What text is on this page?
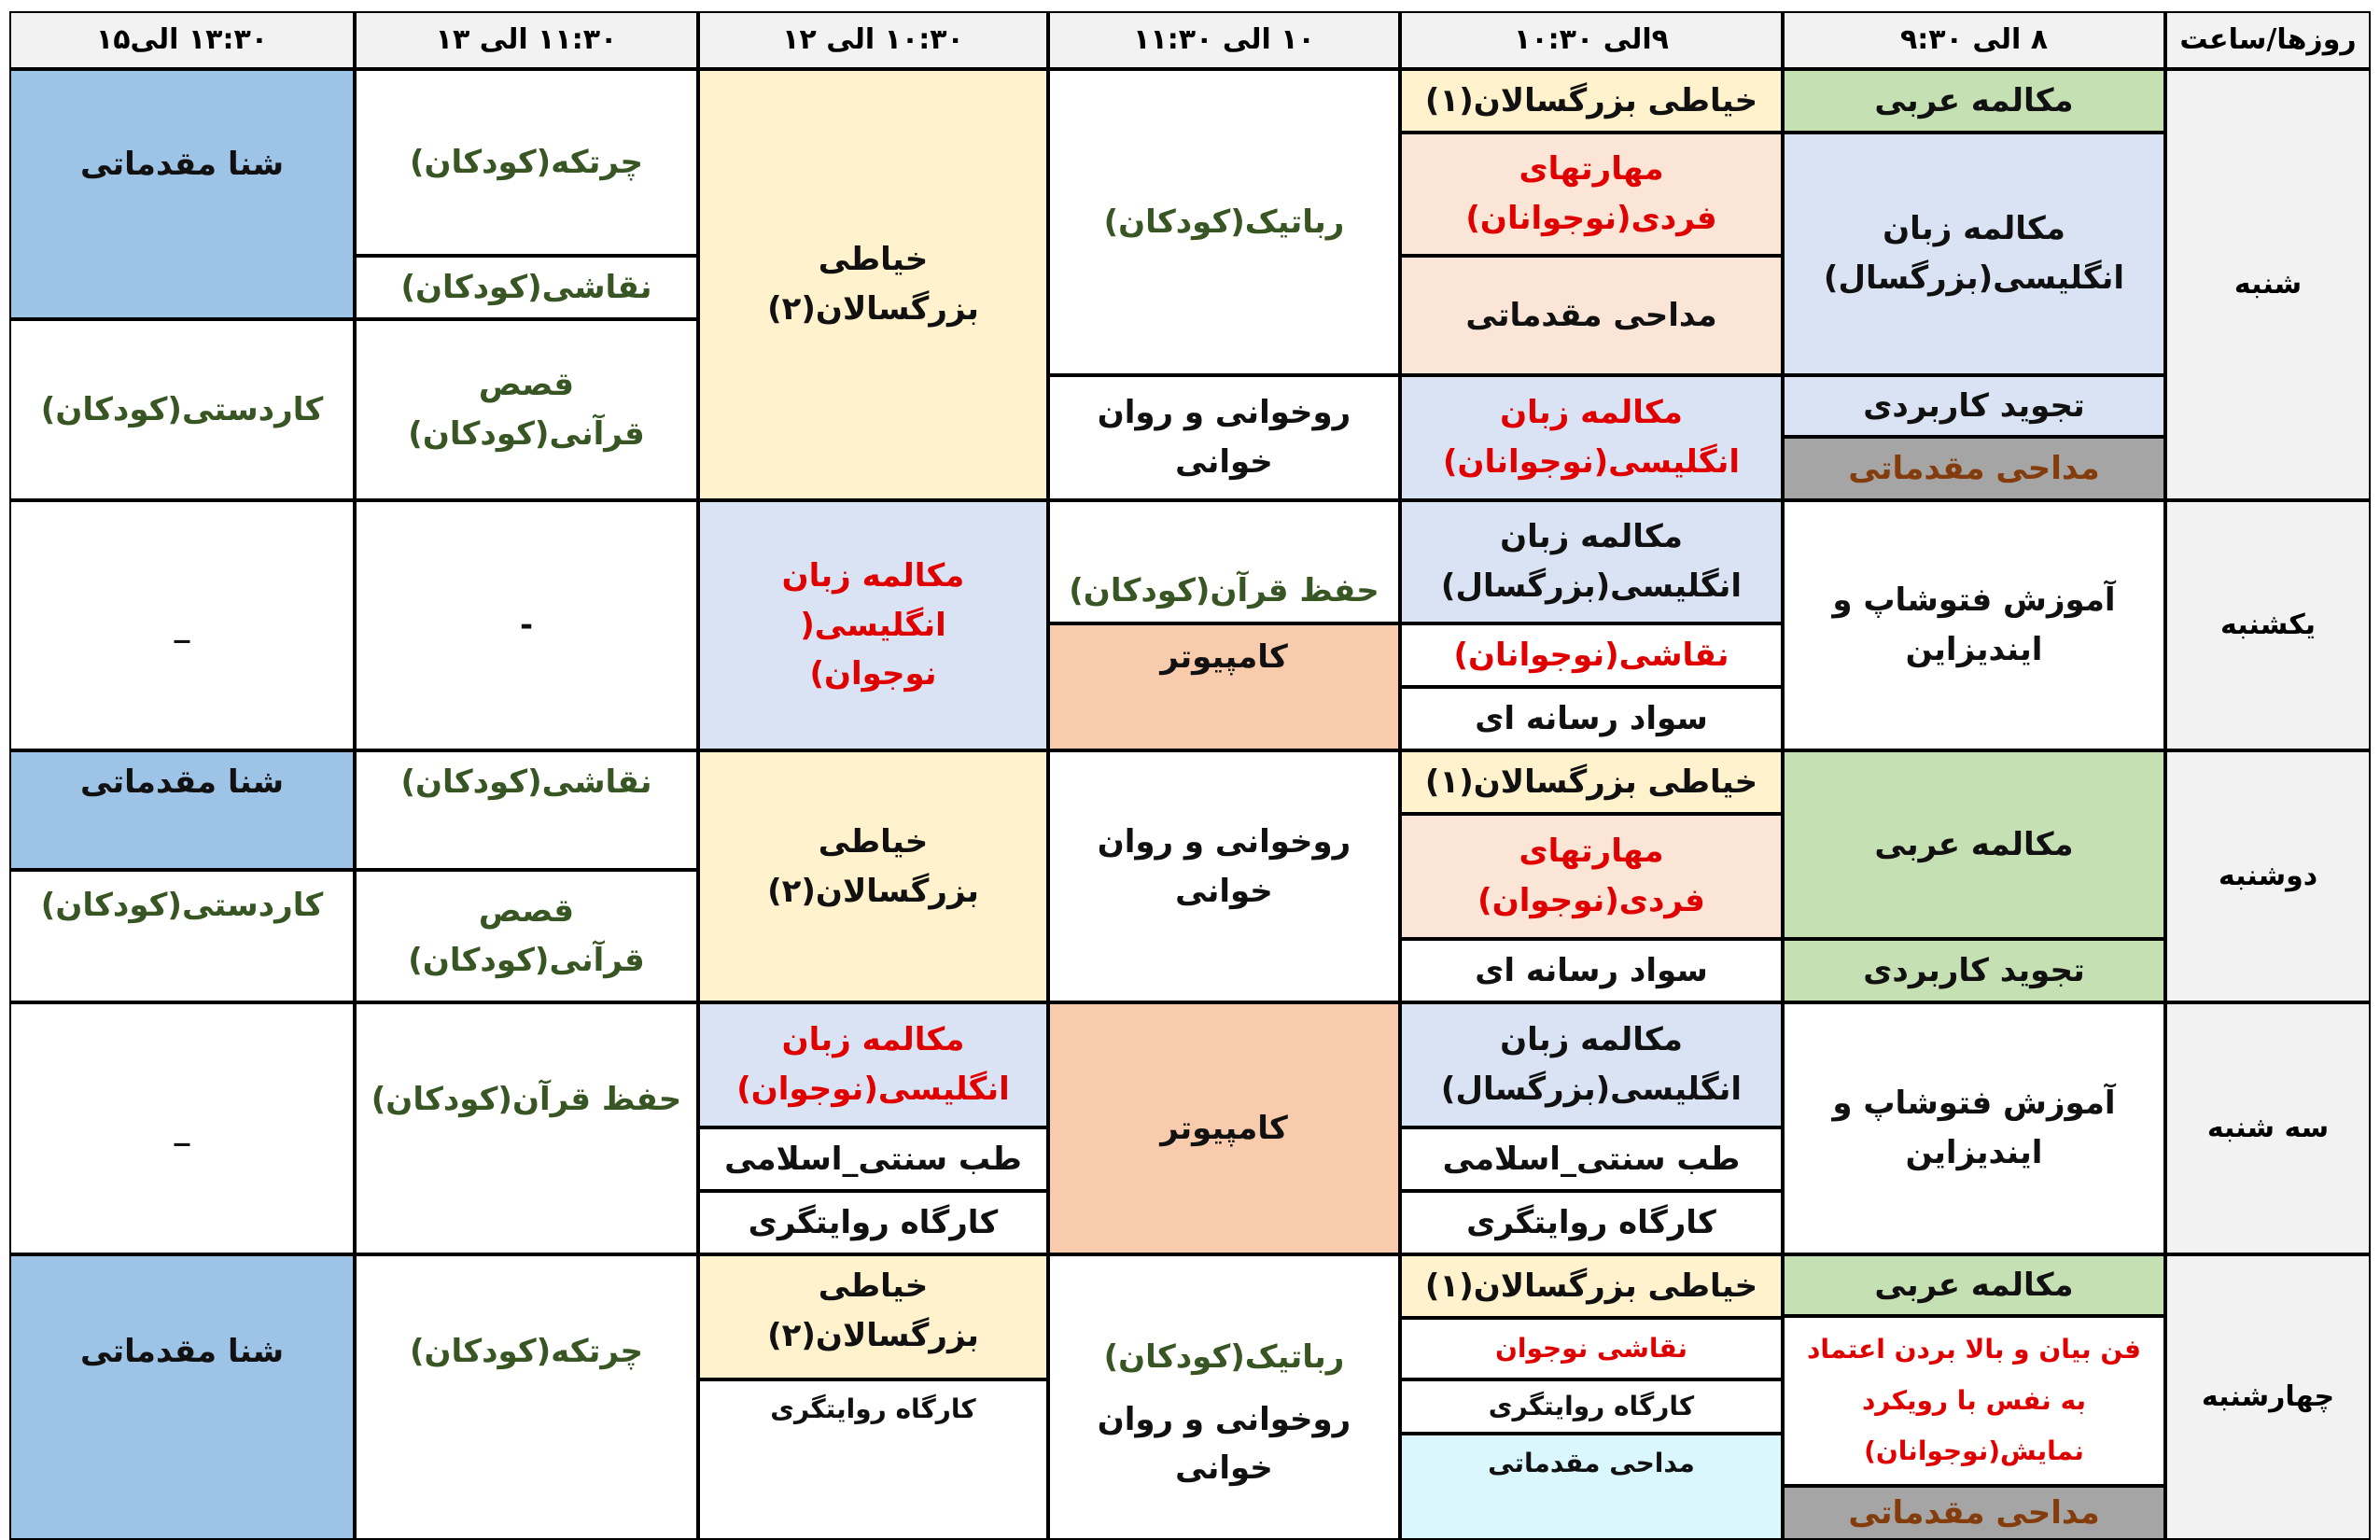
روزها/ساعت
۸ الی ۹:۳۰
۹الی ۱۰:۳۰
۱۰ الی ۱۱:۳۰
۱۰:۳۰ الی ۱۲
۱۱:۳۰ الی ۱۳
۱۳:۳۰ الی۱۵
شنبه
مکالمه عربی
مکالمه زبان
انگلیسی(بزرگسال)
تجوید کاربردی
مداحی مقدماتی
خیاطی بزرگسالان(۱)
مهارتهای
فردی(نوجوانان)
مداحی مقدماتی
مکالمه زبان
انگلیسی(نوجوانان)
رباتیک(کودکان)
روخوانی و روان خوانی
خیاطی بزرگسالان(۲)
چرتکه(کودکان)
نقاشی(کودکان)
قصص
قرآنی(کودکان)
شنا مقدماتی
کاردستی(کودکان)
یکشنبه
آموزش فتوشاپ و
ایندیزاین
مکالمه زبان
انگلیسی(بزرگسال)
نقاشی(نوجوانان)
سواد رسانه ای
حفظ قرآن(کودکان)
کامپیوتر
مکالمه زبان انگلیسی(
نوجوان)
-
_
دوشنبه
مکالمه عربی
تجوید کاربردی
خیاطی بزرگسالان(۱)
مهارتهای
فردی(نوجوان)
سواد رسانه ای
روخوانی و روان خوانی
خیاطی بزرگسالان(۲)
نقاشی(کودکان)
قصص
قرآنی(کودکان)
شنا مقدماتی
کاردستی(کودکان)
سه شنبه
آموزش فتوشاپ و
ایندیزاین
مکالمه زبان
انگلیسی(بزرگسال)
طب سنتی_اسلامی
کارگاه روایتگری
کامپیوتر
مکالمه زبان
انگلیسی(نوجوان)
طب سنتی_اسلامی
کارگاه روایتگری
حفظ قرآن(کودکان)
_
چهارشنبه
مکالمه عربی
فن بیان و بالا بردن اعتماد
به نفس با رویکرد
نمایش(نوجوانان)
مداحی مقدماتی
خیاطی بزرگسالان(۱)
نقاشی نوجوان
کارگاه روایتگری
مداحی مقدماتی
رباتیک(کودکان)
روخوانی و روان خوانی
خیاطی بزرگسالان(۲)
کارگاه روایتگری
چرتکه(کودکان)
شنا مقدماتی
